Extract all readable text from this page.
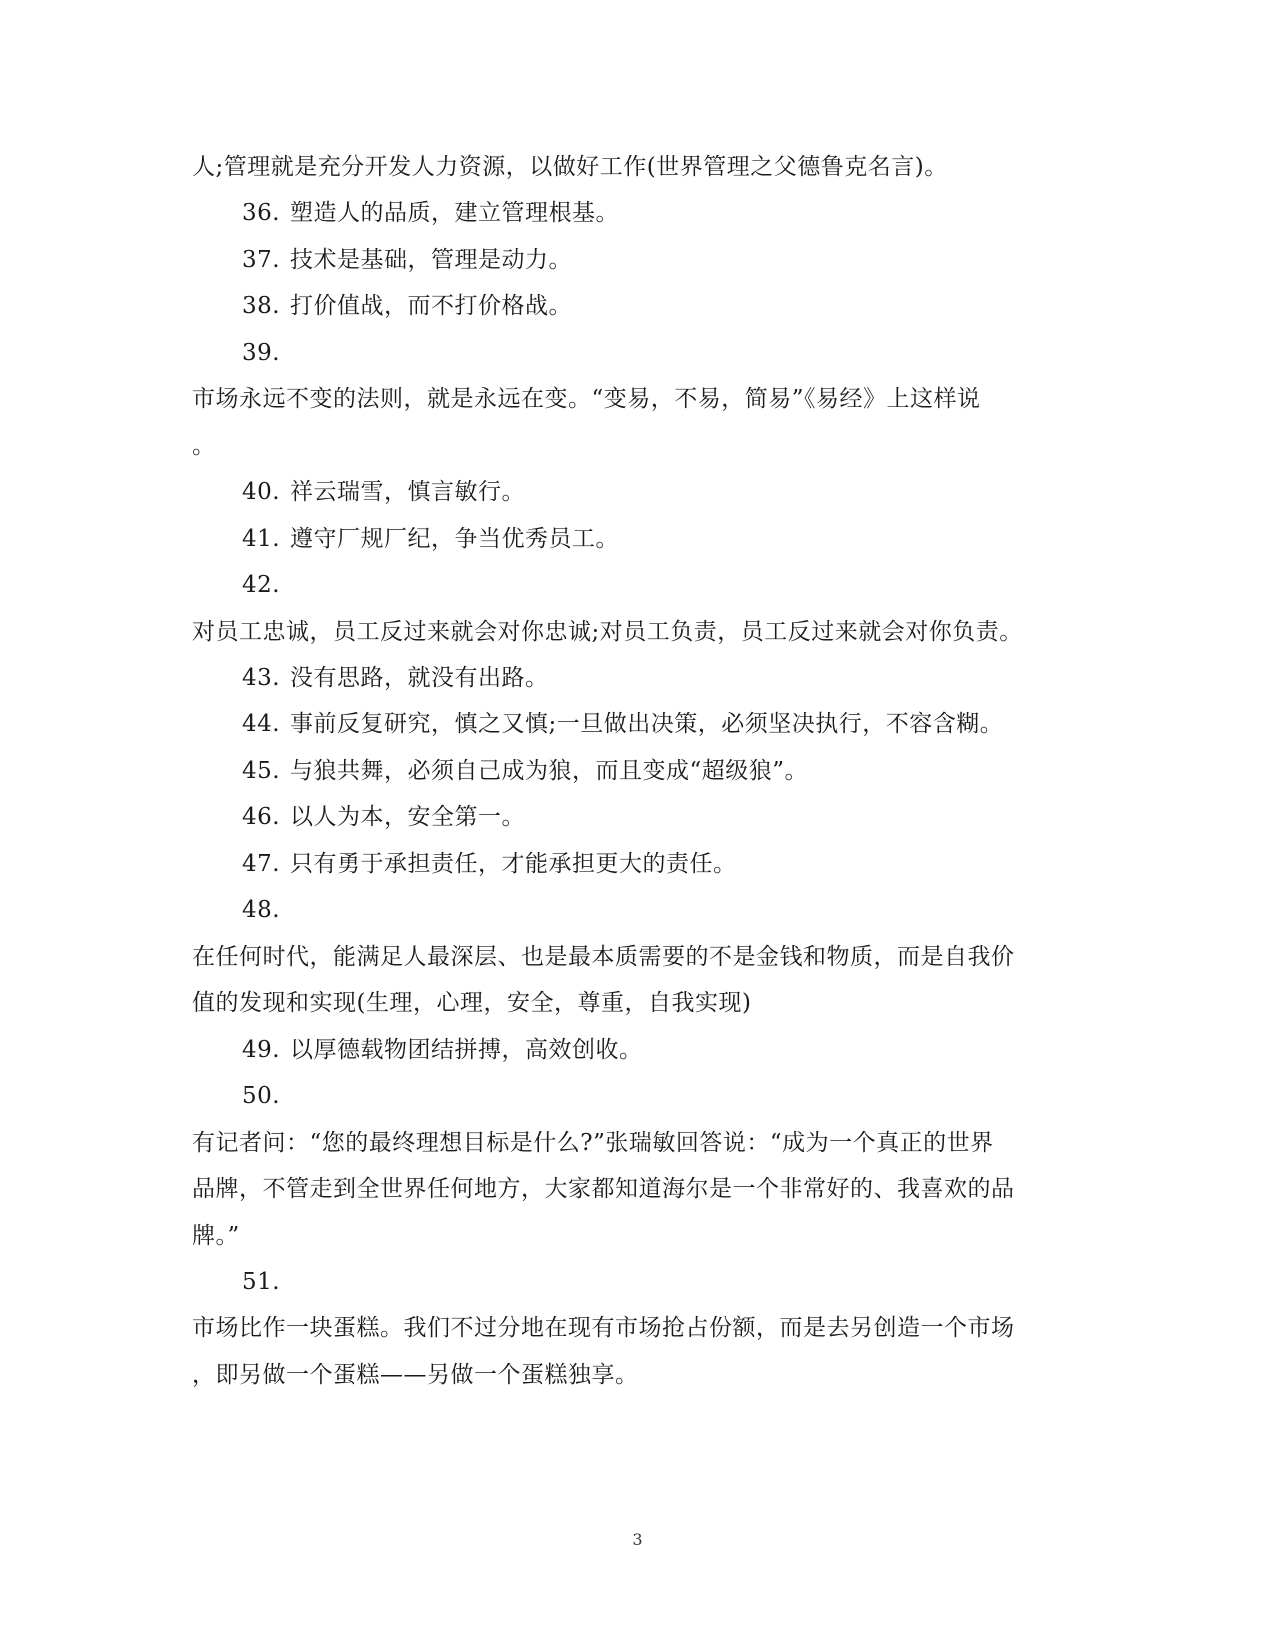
人;管理就是充分开发人力资源，以做好工作(世界管理之父德鲁克名言)。
36. 塑造人的品质，建立管理根基。
37. 技术是基础，管理是动力。
38. 打价值战，而不打价格战。
39.
市场永远不变的法则，就是永远在变。“变易，不易，简易”《易经》上这样说
。
40. 祥云瑞雪，慎言敏行。
41. 遵守厂规厂纪，争当优秀员工。
42.
对员工忠诚，员工反过来就会对你忠诚;对员工负责，员工反过来就会对你负责。
43. 没有思路，就没有出路。
44. 事前反复研究，慎之又慎;一旦做出决策，必须坚决执行，不容含糊。
45. 与狼共舞，必须自己成为狼，而且变成“超级狼”。
46. 以人为本，安全第一。
47. 只有勇于承担责任，才能承担更大的责任。
48.
在任何时代，能满足人最深层、也是最本质需要的不是金钱和物质，而是自我价
值的发现和实现(生理，心理，安全，尊重，自我实现)
49. 以厚德载物团结拼搏，高效创收。
50.
有记者问：“您的最终理想目标是什么?”张瑞敏回答说：“成为一个真正的世界
品牌，不管走到全世界任何地方，大家都知道海尔是一个非常好的、我喜欢的品
牌。”
51.
市场比作一块蛋糕。我们不过分地在现有市场抢占份额，而是去另创造一个市场
，即另做一个蛋糕——另做一个蛋糕独享。
3
